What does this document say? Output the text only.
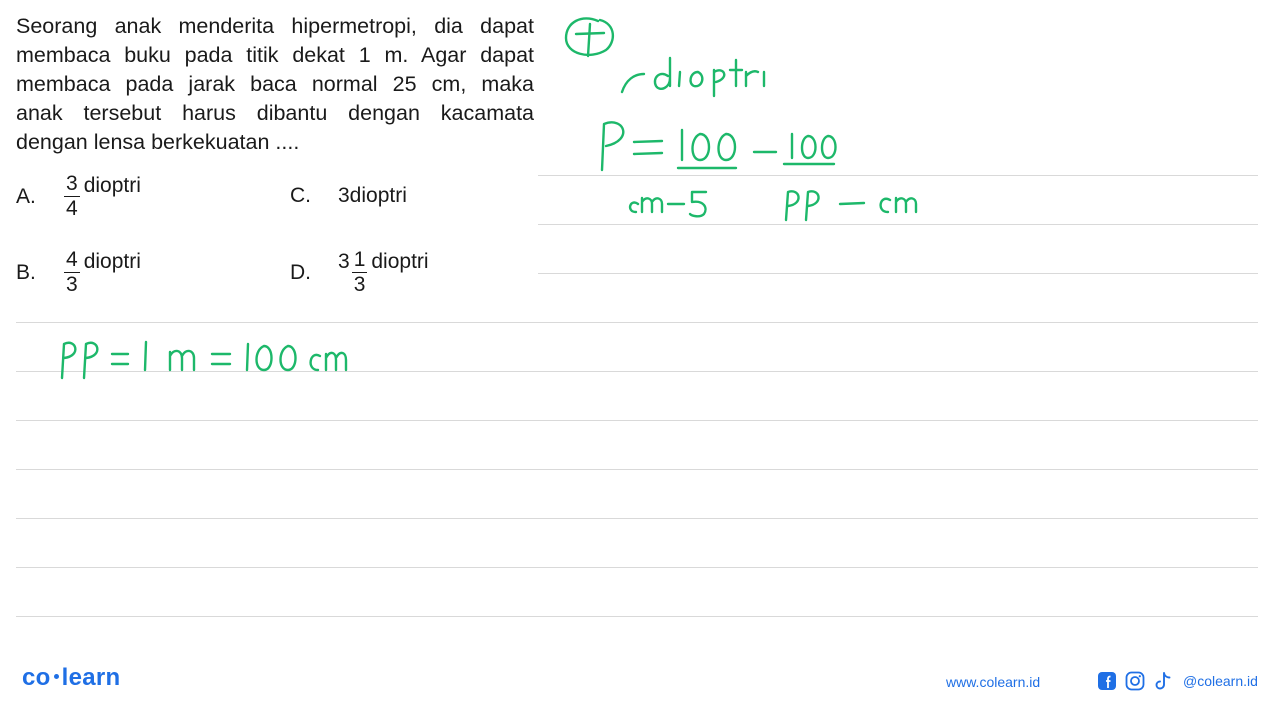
Seorang anak menderita hipermetropi, dia dapat
membaca buku pada titik dekat 1 m. Agar dapat
membaca pada jarak baca normal 25 cm, maka
anak tersebut harus dibantu dengan kacamata
dengan lensa berkekuatan ....
A.	$\frac{3}{4}$ dioptri	C.	3dioptri
B.	$\frac{4}{3}$ dioptri	D.	$3 \frac{1}{3}$ dioptri
co learn	www.colearn.id	@colearn.id
